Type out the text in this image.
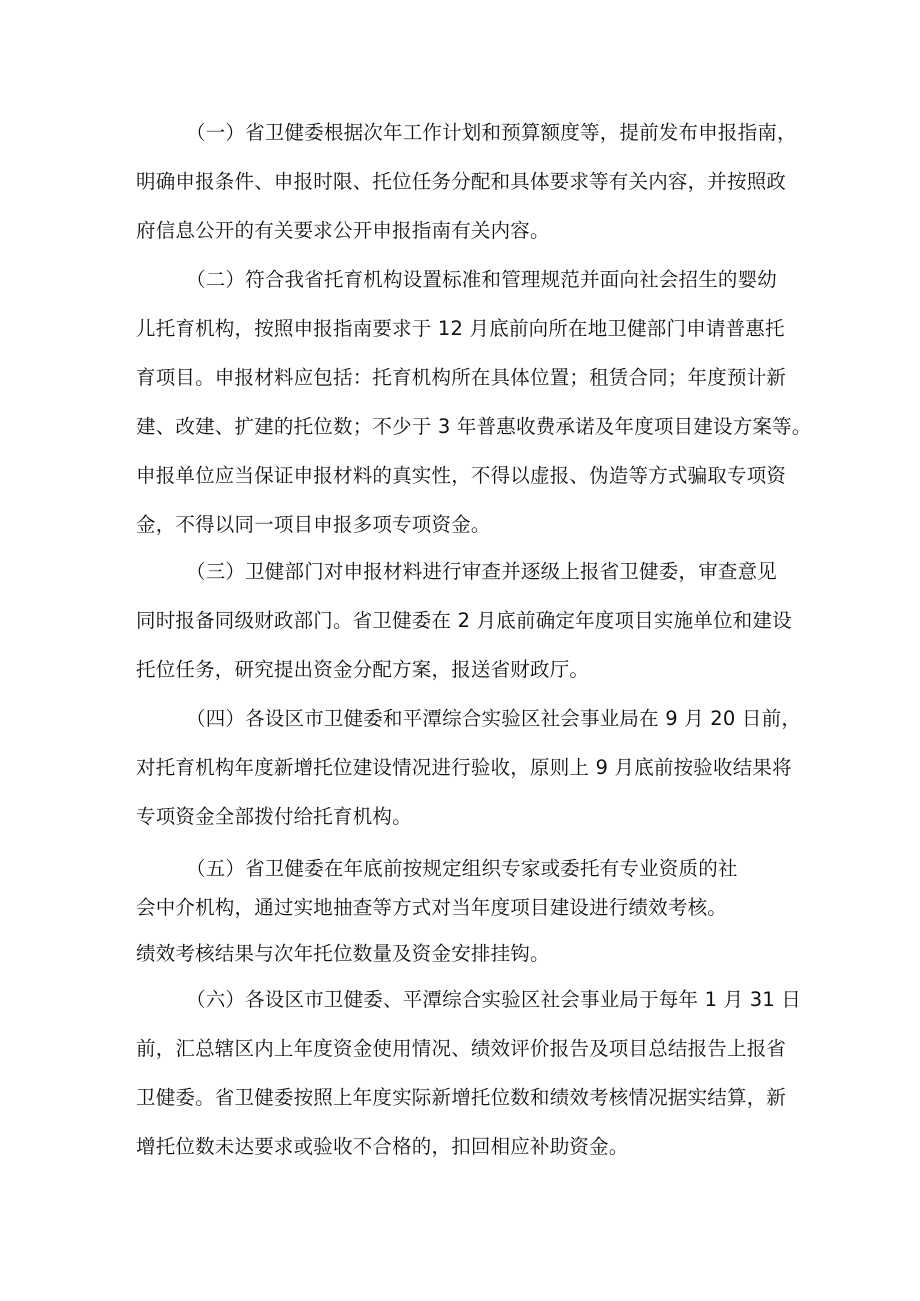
（一）省卫健委根据次年工作计划和预算额度等，提前发布申报指南，
明确申报条件、申报时限、托位任务分配和具体要求等有关内容，并按照政
府信息公开的有关要求公开申报指南有关内容。
（二）符合我省托育机构设置标准和管理规范并面向社会招生的婴幼
儿托育机构，按照申报指南要求于 12 月底前向所在地卫健部门申请普惠托
育项目。申报材料应包括：托育机构所在具体位置；租赁合同；年度预计新
建、改建、扩建的托位数；不少于 3 年普惠收费承诺及年度项目建设方案等。
申报单位应当保证申报材料的真实性，不得以虚报、伪造等方式骗取专项资
金，不得以同一项目申报多项专项资金。
（三）卫健部门对申报材料进行审查并逐级上报省卫健委，审查意见
同时报备同级财政部门。省卫健委在 2 月底前确定年度项目实施单位和建设
托位任务，研究提出资金分配方案，报送省财政厅。
（四）各设区市卫健委和平潭综合实验区社会事业局在 9 月 20 日前，
对托育机构年度新增托位建设情况进行验收，原则上 9 月底前按验收结果将
专项资金全部拨付给托育机构。
（五）省卫健委在年底前按规定组织专家或委托有专业资质的社
会中介机构，通过实地抽查等方式对当年度项目建设进行绩效考核。
绩效考核结果与次年托位数量及资金安排挂钩。
（六）各设区市卫健委、平潭综合实验区社会事业局于每年 1 月 31 日
前，汇总辖区内上年度资金使用情况、绩效评价报告及项目总结报告上报省
卫健委。省卫健委按照上年度实际新增托位数和绩效考核情况据实结算，新
增托位数未达要求或验收不合格的，扣回相应补助资金。
